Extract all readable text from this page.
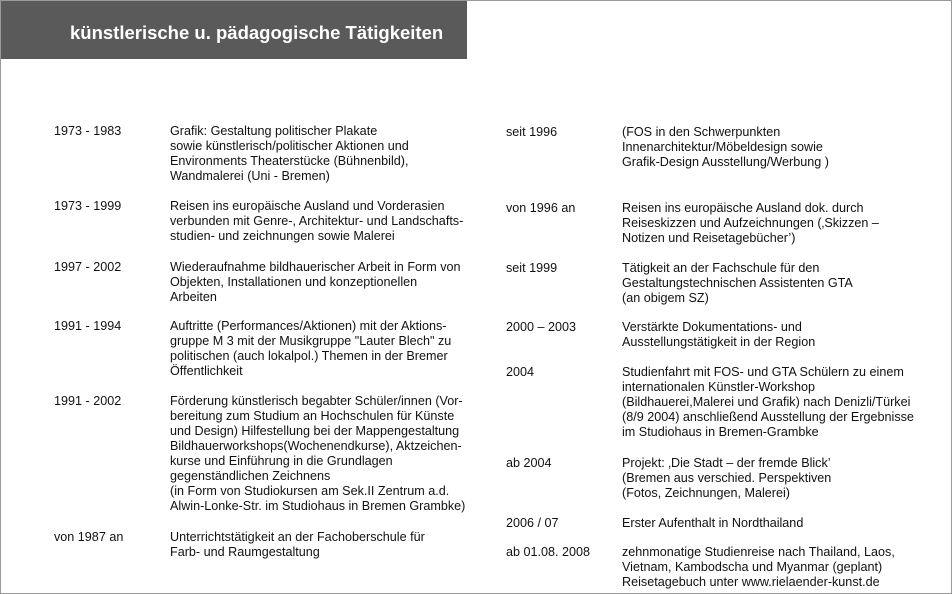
künstlerische u. pädagogische Tätigkeiten
1973 - 1983	Grafik: Gestaltung politischer Plakate
sowie künstlerisch/politischer Aktionen und
Environments Theaterstücke (Bühnenbild),
Wandmalerei (Uni - Bremen)
1973 - 1999	Reisen ins europäische Ausland und Vorderasien
verbunden mit Genre-, Architektur- und Landschafts-
studien- und zeichnungen sowie Malerei
1997 - 2002	Wiederaufnahme bildhauerischer Arbeit in Form von
Objekten, Installationen und konzeptionellen
Arbeiten
1991 - 1994	Auftritte (Performances/Aktionen) mit der Aktions-
gruppe M 3 mit der Musikgruppe "Lauter Blech" zu
politischen (auch lokalpol.) Themen in der Bremer
Öffentlichkeit
1991 - 2002	Förderung künstlerisch begabter Schüler/innen (Vor-
bereitung zum Studium an Hochschulen für Künste
und Design) Hilfestellung bei der Mappengestaltung
Bildhauerworkshops(Wochenendkurse), Aktzeichen-
kurse und Einführung in die Grundlagen
gegenständlichen Zeichnens
(in Form von Studiokursen am Sek.II Zentrum a.d.
Alwin-Lonke-Str. im Studiohaus in Bremen Grambke)
von 1987 an	Unterrichtstätigkeit an der Fachoberschule für
Farb- und Raumgestaltung
seit 1996	(FOS in den Schwerpunkten
Innenarchitektur/Möbeldesign sowie
Grafik-Design Ausstellung/Werbung )
von 1996 an	Reisen ins europäische Ausland dok. durch
Reiseskizzen und Aufzeichnungen (‚Skizzen –
Notizen und Reisetagebücher’)
seit 1999	Tätigkeit an der Fachschule für den
Gestaltungstechnischen Assistenten GTA
(an obigem SZ)
2000 – 2003	Verstärkte Dokumentations- und
Ausstellungstätigkeit in der Region
2004	Studienfahrt mit FOS- und GTA Schülern zu einem
internationalen Künstler-Workshop
(Bildhauerei,Malerei und Grafik) nach Denizli/Türkei
(8/9 2004) anschließend Ausstellung der Ergebnisse
im Studiohaus in Bremen-Grambke
ab 2004	Projekt: ‚Die Stadt – der fremde Blick’
(Bremen aus verschied. Perspektiven
(Fotos, Zeichnungen, Malerei)
2006 / 07	Erster Aufenthalt in Nordthailand
ab 01.08. 2008	zehnmonatige Studienreise nach Thailand, Laos,
Vietnam, Kambodscha und Myanmar (geplant)
Reisetagebuch unter www.rielaender-kunst.de
